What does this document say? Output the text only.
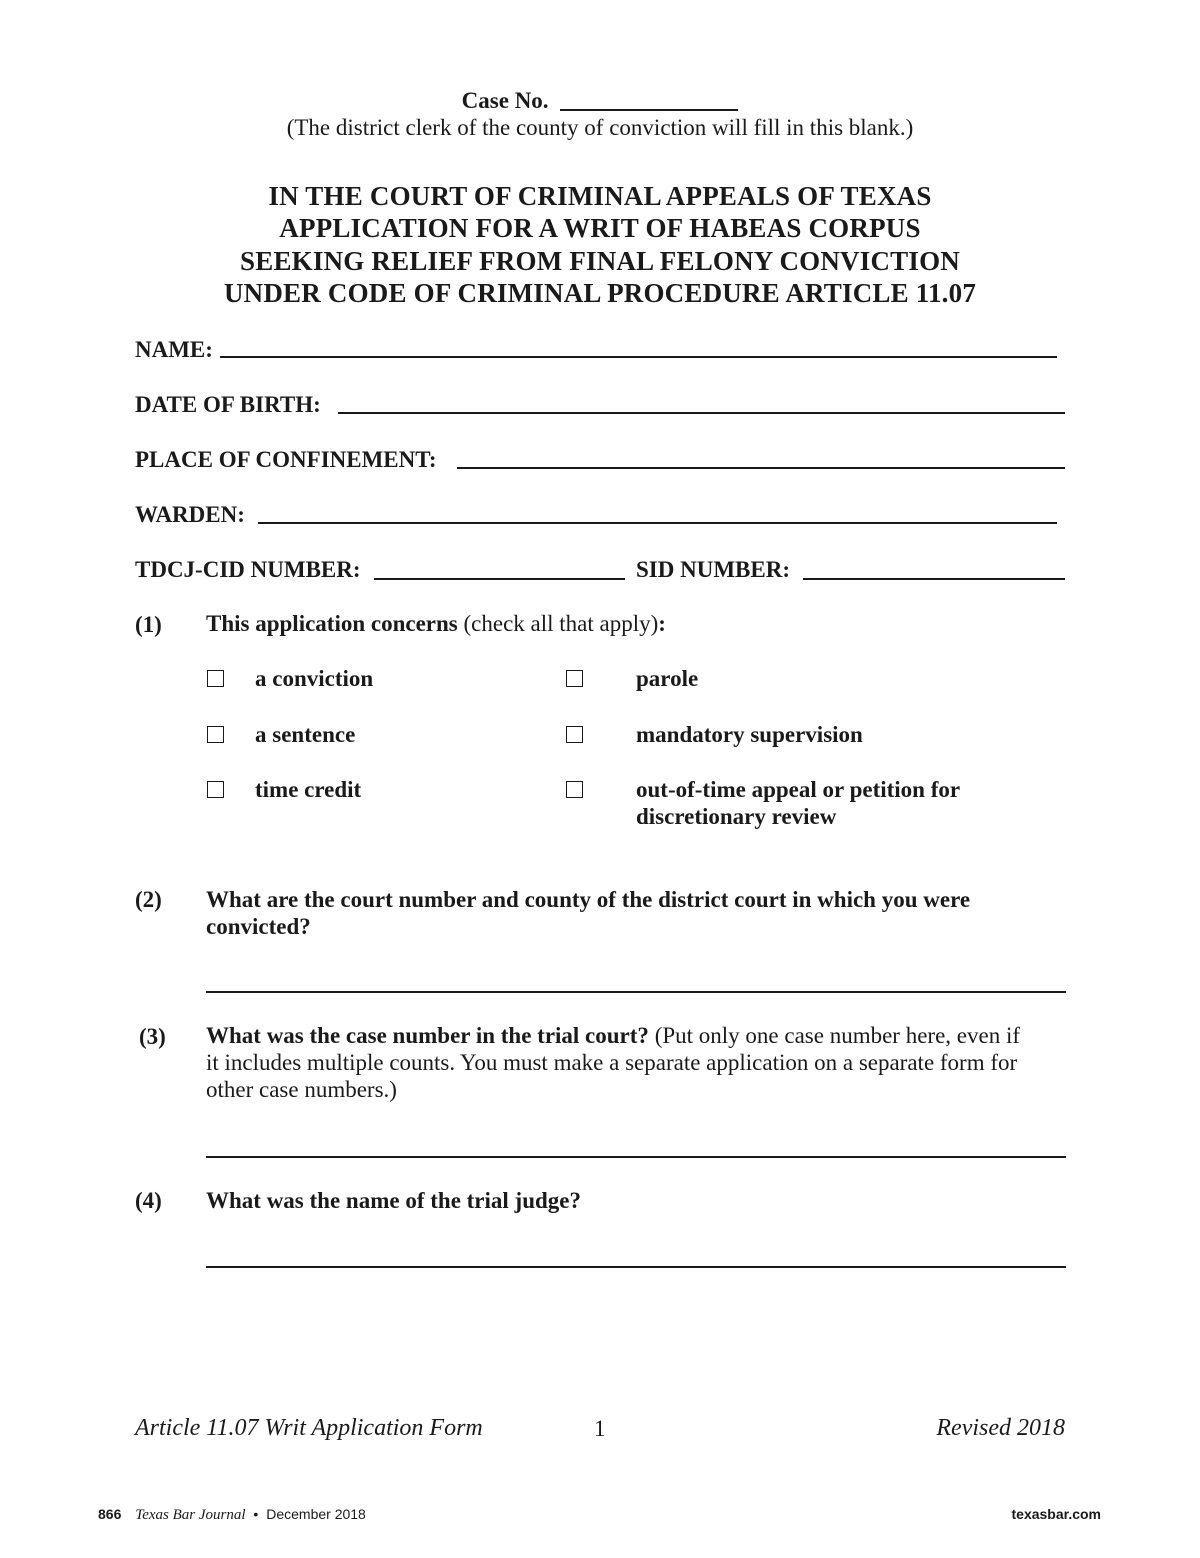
Case No.
(The district clerk of the county of conviction will fill in this blank.)
IN THE COURT OF CRIMINAL APPEALS OF TEXAS
APPLICATION FOR A WRIT OF HABEAS CORPUS
SEEKING RELIEF FROM FINAL FELONY CONVICTION
UNDER CODE OF CRIMINAL PROCEDURE ARTICLE 11.07
NAME:
DATE OF BIRTH:
PLACE OF CONFINEMENT:
WARDEN:
TDCJ-CID NUMBER:	SID NUMBER:
(1) This application concerns (check all that apply):
a conviction	parole
a sentence	mandatory supervision
time credit	out-of-time appeal or petition for
discretionary review
(2) What are the court number and county of the district court in which you were
convicted?
(3) What was the case number in the trial court? (Put only one case number here, even if
it includes multiple counts. You must make a separate application on a separate form for
other case numbers.)
(4) What was the name of the trial judge?
Article 11.07 Writ Application Form	1	Revised 2018
866 Texas Bar Journal • December 2018	texasbar.com
